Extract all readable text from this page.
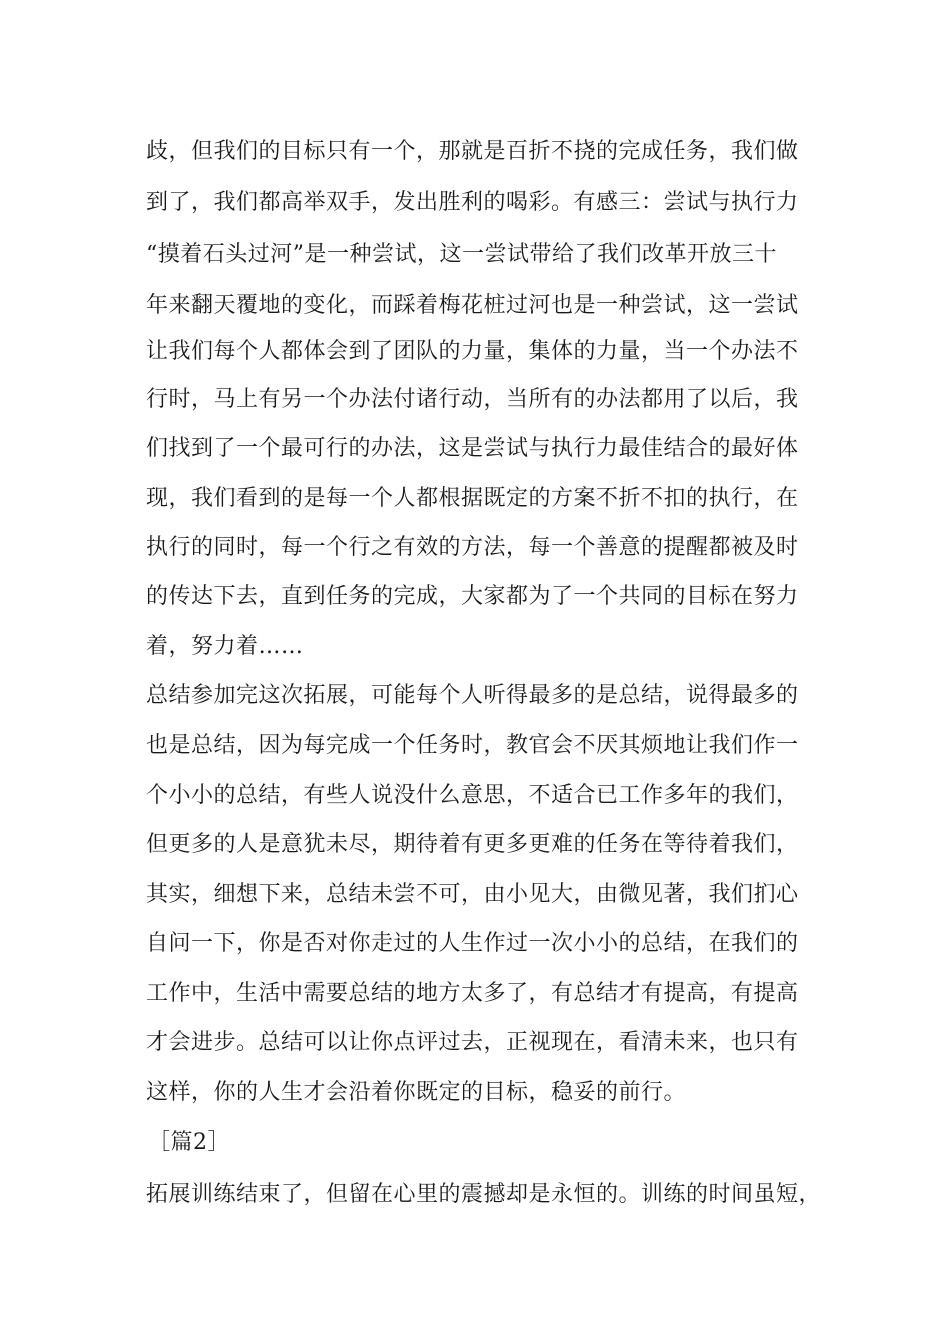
歧，但我们的目标只有一个，那就是百折不挠的完成任务，我们做
到了，我们都高举双手，发出胜利的喝彩。有感三：尝试与执行力
“摸着石头过河”是一种尝试，这一尝试带给了我们改革开放三十
年来翻天覆地的变化，而踩着梅花桩过河也是一种尝试，这一尝试
让我们每个人都体会到了团队的力量，集体的力量，当一个办法不
行时，马上有另一个办法付诸行动，当所有的办法都用了以后，我
们找到了一个最可行的办法，这是尝试与执行力最佳结合的最好体
现，我们看到的是每一个人都根据既定的方案不折不扣的执行，在
执行的同时，每一个行之有效的方法，每一个善意的提醒都被及时
的传达下去，直到任务的完成，大家都为了一个共同的目标在努力
着，努力着……
总结参加完这次拓展，可能每个人听得最多的是总结，说得最多的
也是总结，因为每完成一个任务时，教官会不厌其烦地让我们作一
个小小的总结，有些人说没什么意思，不适合已工作多年的我们，
但更多的人是意犹未尽，期待着有更多更难的任务在等待着我们，
其实，细想下来，总结未尝不可，由小见大，由微见著，我们扪心
自问一下，你是否对你走过的人生作过一次小小的总结，在我们的
工作中，生活中需要总结的地方太多了，有总结才有提高，有提高
才会进步。总结可以让你点评过去，正视现在，看清未来，也只有
这样，你的人生才会沿着你既定的目标，稳妥的前行。
［篇2］
拓展训练结束了，但留在心里的震撼却是永恒的。训练的时间虽短，
